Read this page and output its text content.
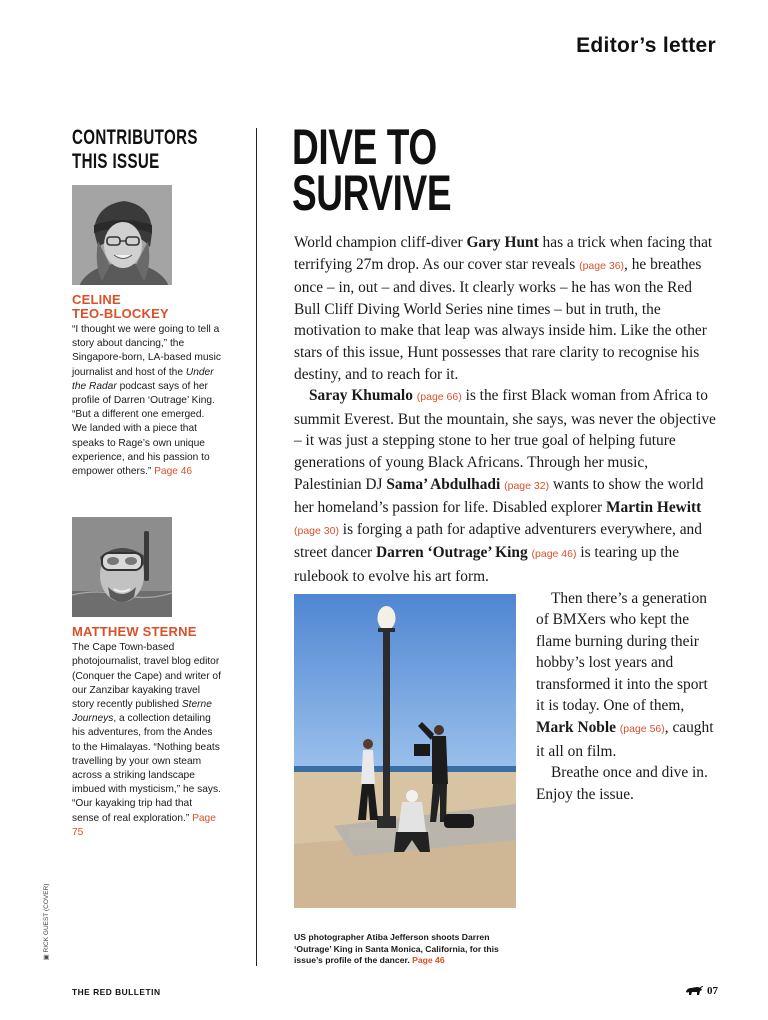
Editor’s letter
CONTRIBUTORS
THIS ISSUE

CELINE
TEO-BLOCKEY

“I thought we were going to tell a story about dancing,” the Singapore-born, LA-based music journalist and host of the Under the Radar podcast says of her profile of Darren ‘Outrage’ King. “But a different one emerged. We landed with a piece that speaks to Rage’s own unique experience, and his passion to empower others.” Page 46

MATTHEW STERNE

The Cape Town-based photojournalist, travel blog editor (Conquer the Cape) and writer of our Zanzibar kayaking travel story recently published Sterne Journeys, a collection detailing his adventures, from the Andes to the Himalayas. “Nothing beats travelling by your own steam across a striking landscape imbued with mysticism,” he says. “Our kayaking trip had that sense of real exploration.” Page 75

▣ RICK GUEST (COVER)
DIVE TO
SURVIVE

World champion cliff-diver Gary Hunt has a trick when facing that terrifying 27m drop. As our cover star reveals (page 36), he breathes once – in, out – and dives. It clearly works – he has won the Red Bull Cliff Diving World Series nine times – but in truth, the motivation to make that leap was always inside him. Like the other stars of this issue, Hunt possesses that rare clarity to recognise his destiny, and to reach for it.

Saray Khumalo (page 66) is the first Black woman from Africa to summit Everest. But the mountain, she says, was never the objective – it was just a stepping stone to her true goal of helping future generations of young Black Africans. Through her music, Palestinian DJ Sama’ Abdulhadi (page 32) wants to show the world her homeland’s passion for life. Disabled explorer Martin Hewitt (page 30) is forging a path for adaptive adventurers everywhere, and street dancer Darren ‘Outrage’ King (page 46) is tearing up the rulebook to evolve his art form.

Then there’s a generation of BMXers who kept the flame burning during their hobby’s lost years and transformed it into the sport it is today. One of them, Mark Noble (page 56), caught it all on film.

Breathe once and dive in. Enjoy the issue.

US photographer Atiba Jefferson shoots Darren ‘Outrage’ King in Santa Monica, California, for this issue’s profile of the dancer. Page 46
THE RED BULLETIN	07
